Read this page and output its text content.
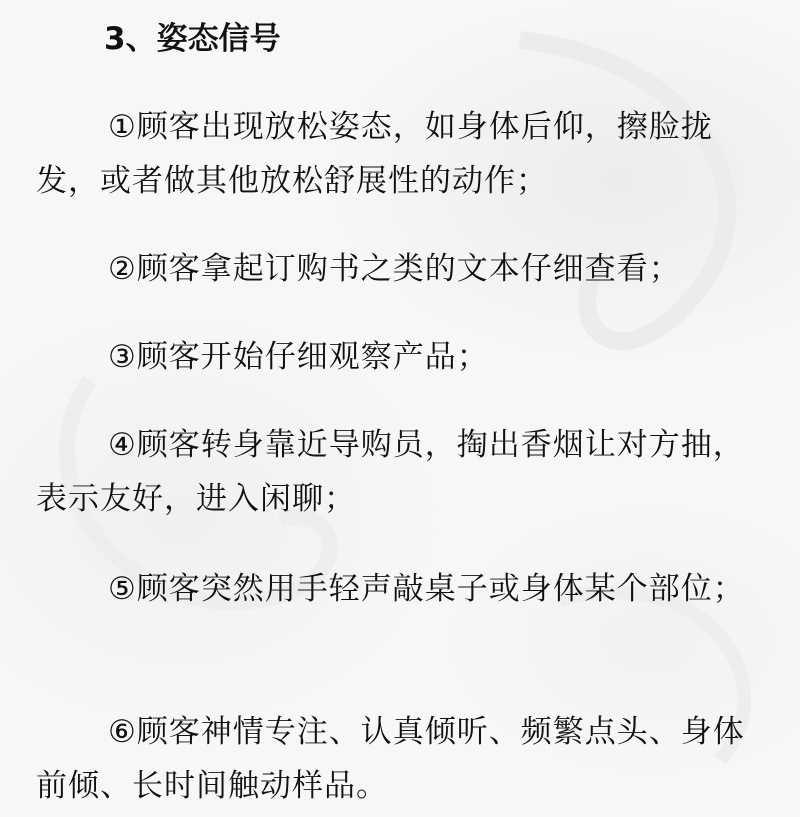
3、姿态信号

①顾客出现放松姿态，如身体后仰，擦脸拢发，或者做其他放松舒展性的动作；

②顾客拿起订购书之类的文本仔细查看；

③顾客开始仔细观察产品；

④顾客转身靠近导购员，掏出香烟让对方抽，表示友好，进入闲聊；

⑤顾客突然用手轻声敲桌子或身体某个部位；

⑥顾客神情专注、认真倾听、频繁点头、身体前倾、长时间触动样品。
